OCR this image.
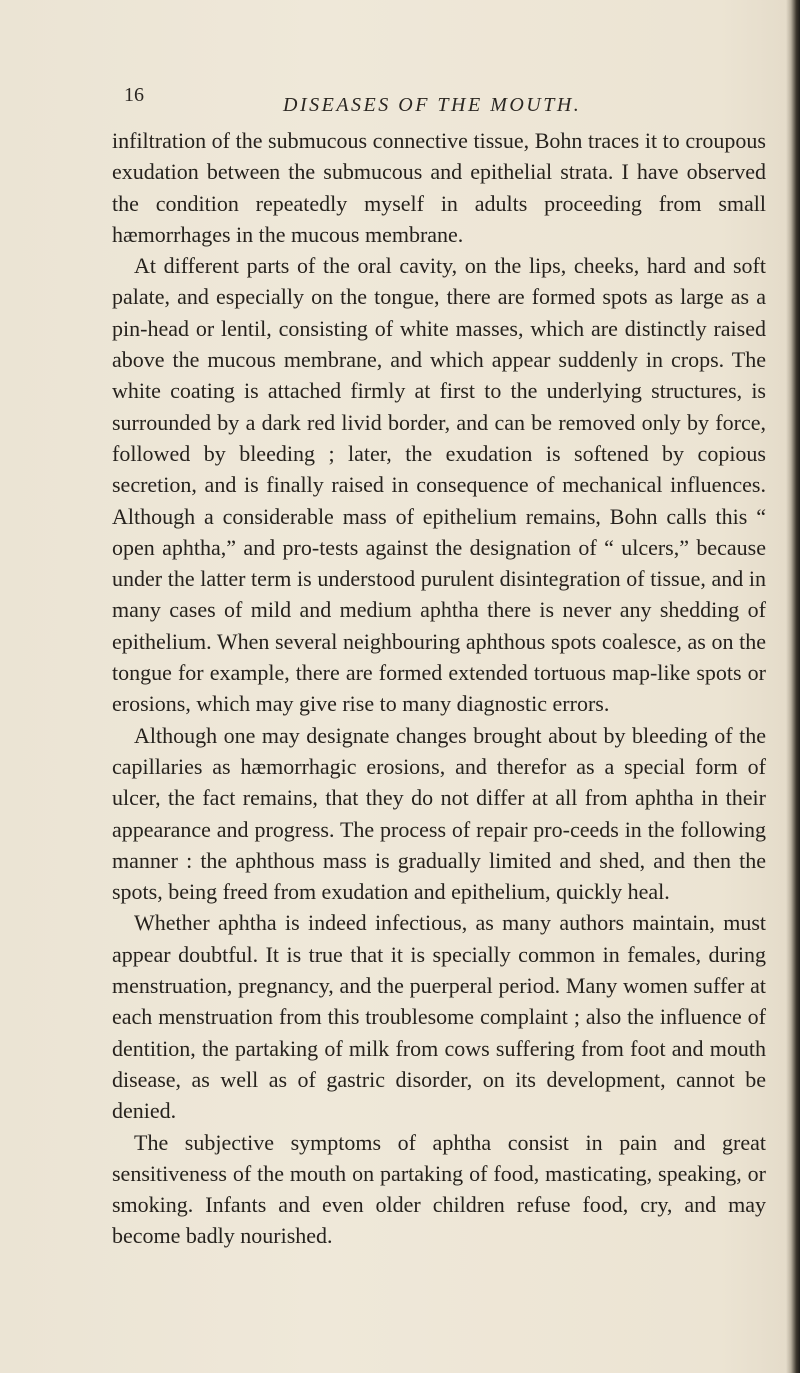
16	DISEASES OF THE MOUTH.

infiltration of the submucous connective tissue, Bohn traces it to croupous exudation between the submucous and epithelial strata. I have observed the condition repeatedly myself in adults proceeding from small hæmorrhages in the mucous membrane.

At different parts of the oral cavity, on the lips, cheeks, hard and soft palate, and especially on the tongue, there are formed spots as large as a pin-head or lentil, consisting of white masses, which are distinctly raised above the mucous membrane, and which appear suddenly in crops. The white coating is attached firmly at first to the underlying structures, is surrounded by a dark red livid border, and can be removed only by force, followed by bleeding ; later, the exudation is softened by copious secretion, and is finally raised in consequence of mechanical influences. Although a considerable mass of epithelium remains, Bohn calls this “ open aphtha,” and pro-tests against the designation of “ ulcers,” because under the latter term is understood purulent disintegration of tissue, and in many cases of mild and medium aphtha there is never any shedding of epithelium. When several neighbouring aphthous spots coalesce, as on the tongue for example, there are formed extended tortuous map-like spots or erosions, which may give rise to many diagnostic errors.

Although one may designate changes brought about by bleeding of the capillaries as hæmorrhagic erosions, and therefor as a special form of ulcer, the fact remains, that they do not differ at all from aphtha in their appearance and progress. The process of repair pro-ceeds in the following manner : the aphthous mass is gradually limited and shed, and then the spots, being freed from exudation and epithelium, quickly heal.

Whether aphtha is indeed infectious, as many authors maintain, must appear doubtful. It is true that it is specially common in females, during menstruation, pregnancy, and the puerperal period. Many women suffer at each menstruation from this troublesome complaint ; also the influence of dentition, the partaking of milk from cows suffering from foot and mouth disease, as well as of gastric disorder, on its development, cannot be denied.

The subjective symptoms of aphtha consist in pain and great sensitiveness of the mouth on partaking of food, masticating, speaking, or smoking. Infants and even older children refuse food, cry, and may become badly nourished.
